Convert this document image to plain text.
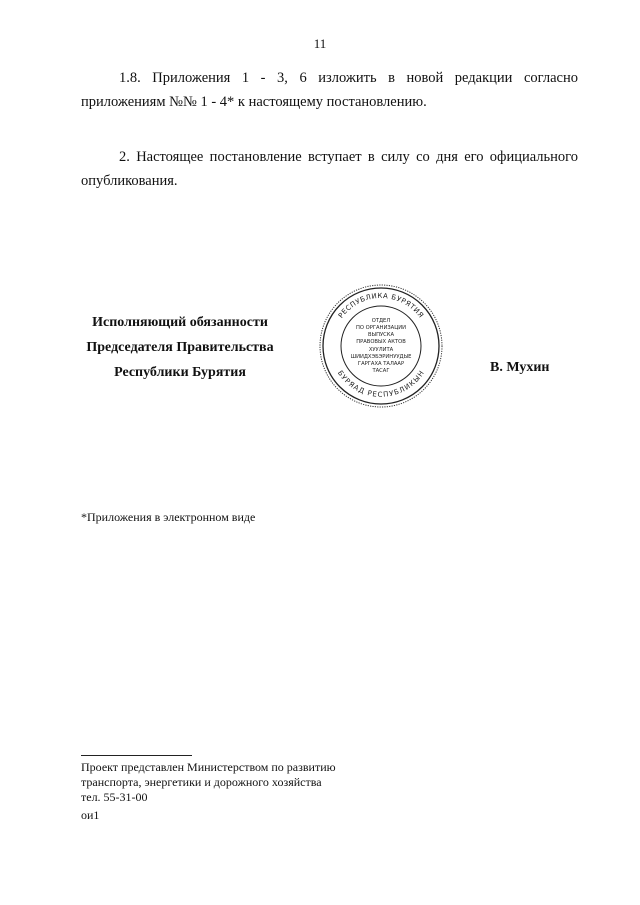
11
1.8. Приложения 1 - 3, 6 изложить в новой редакции согласно приложениям №№ 1 - 4* к настоящему постановлению.
2. Настоящее постановление вступает в силу со дня его официального опубликования.
Исполняющий обязанности
Председателя Правительства
Республики Бурятия	В. Мухин
РЕСПУБЛИКА БУРЯТИЯ
БУРЯАД РЕСПУБЛИКЫН
ОТДЕЛ
ПО ОРГАНИЗАЦИИ
ВЫПУСКА
ПРАВОВЫХ АКТОВ
ХУУЛИТА
ШИИДХЭБЭРИНУУДЫЕ
ГАРГАХА ТАЛААР
ТАСАГ
*Приложения в электронном виде
Проект представлен Министерством по развитию
транспорта, энергетики и дорожного хозяйства
тел. 55-31-00
ои1
